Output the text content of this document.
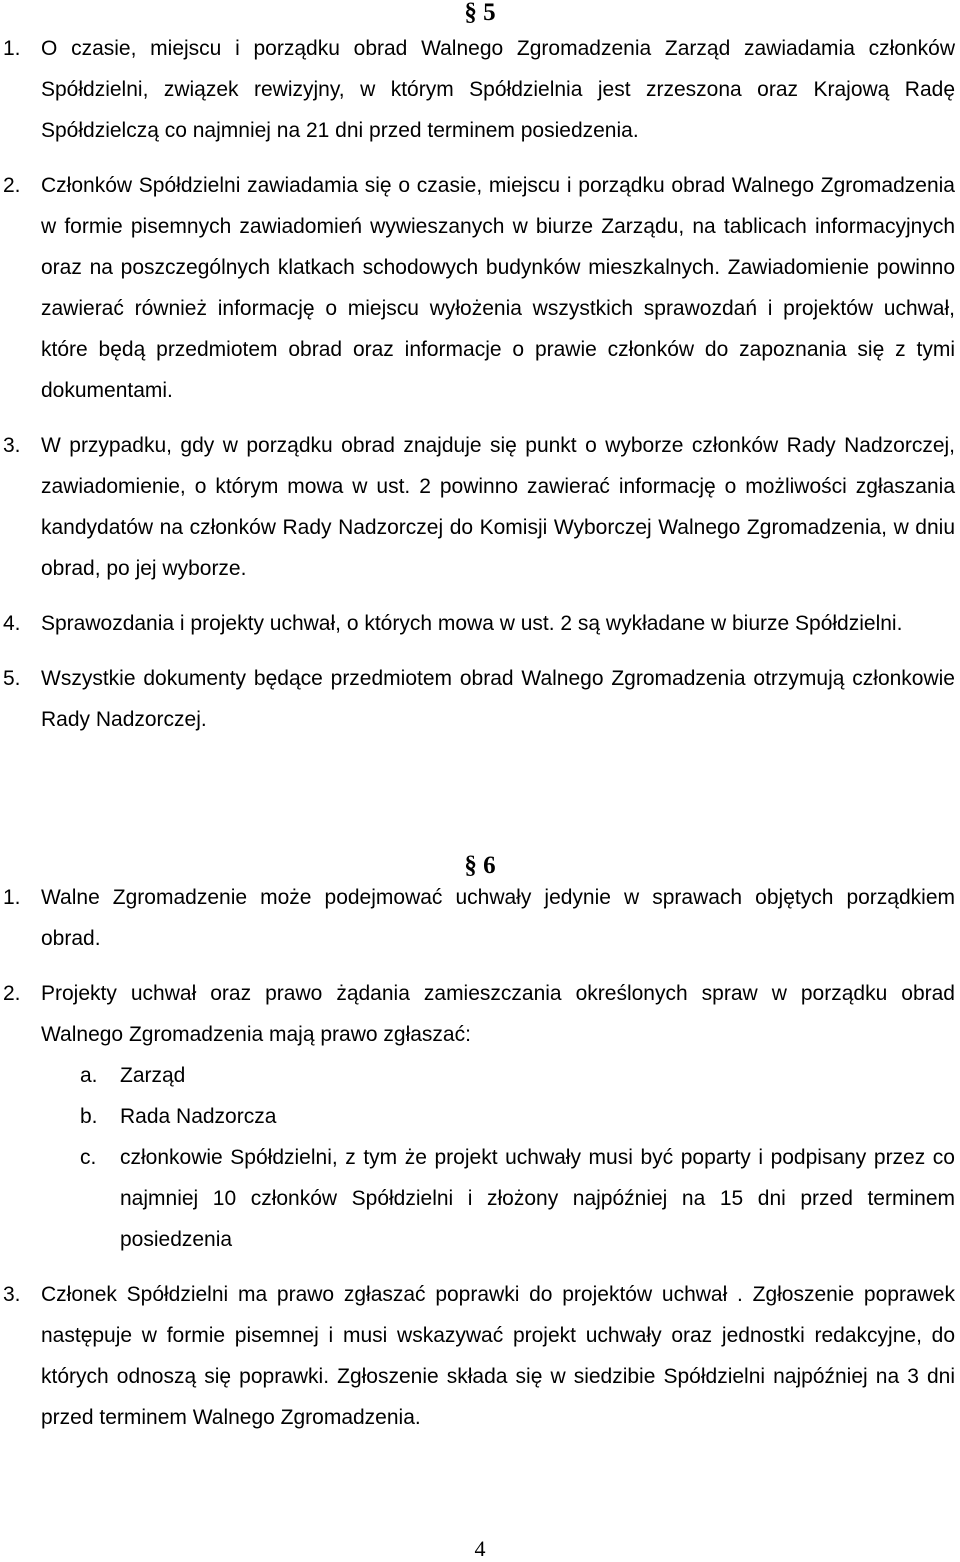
§ 5
1. O czasie, miejscu i porządku obrad Walnego Zgromadzenia Zarząd zawiadamia członków Spółdzielni, związek rewizyjny, w którym Spółdzielnia jest zrzeszona oraz Krajową Radę Spółdzielczą co najmniej na 21 dni przed terminem posiedzenia.
2. Członków Spółdzielni zawiadamia się o czasie, miejscu i porządku obrad Walnego Zgromadzenia w formie pisemnych zawiadomień wywieszanych w biurze Zarządu, na tablicach informacyjnych oraz na poszczególnych klatkach schodowych budynków mieszkalnych. Zawiadomienie powinno zawierać również informację o miejscu wyłożenia wszystkich sprawozdań i projektów uchwał, które będą przedmiotem obrad oraz informacje o prawie członków do zapoznania się z tymi dokumentami.
3. W przypadku, gdy w porządku obrad znajduje się punkt o wyborze członków Rady Nadzorczej, zawiadomienie, o którym mowa w ust. 2 powinno zawierać informację o możliwości zgłaszania kandydatów na członków Rady Nadzorczej do Komisji Wyborczej Walnego Zgromadzenia, w dniu obrad, po jej wyborze.
4. Sprawozdania i projekty uchwał, o których mowa w ust. 2 są wykładane w biurze Spółdzielni.
5. Wszystkie dokumenty będące przedmiotem obrad Walnego Zgromadzenia otrzymują członkowie Rady Nadzorczej.
§ 6
1. Walne Zgromadzenie może podejmować uchwały jedynie w sprawach objętych porządkiem obrad.
2. Projekty uchwał oraz prawo żądania zamieszczania określonych spraw w porządku obrad Walnego Zgromadzenia mają prawo zgłaszać:
a. Zarząd
b. Rada Nadzorcza
c. członkowie Spółdzielni, z tym że projekt uchwały musi być poparty i podpisany przez co najmniej 10 członków Spółdzielni i złożony najpóźniej na 15 dni przed terminem posiedzenia
3. Członek Spółdzielni ma prawo zgłaszać poprawki do projektów uchwał . Zgłoszenie poprawek następuje w formie pisemnej i musi wskazywać projekt uchwały oraz jednostki redakcyjne, do których odnoszą się poprawki. Zgłoszenie składa się w siedzibie Spółdzielni najpóźniej na 3 dni przed terminem Walnego Zgromadzenia.
4
